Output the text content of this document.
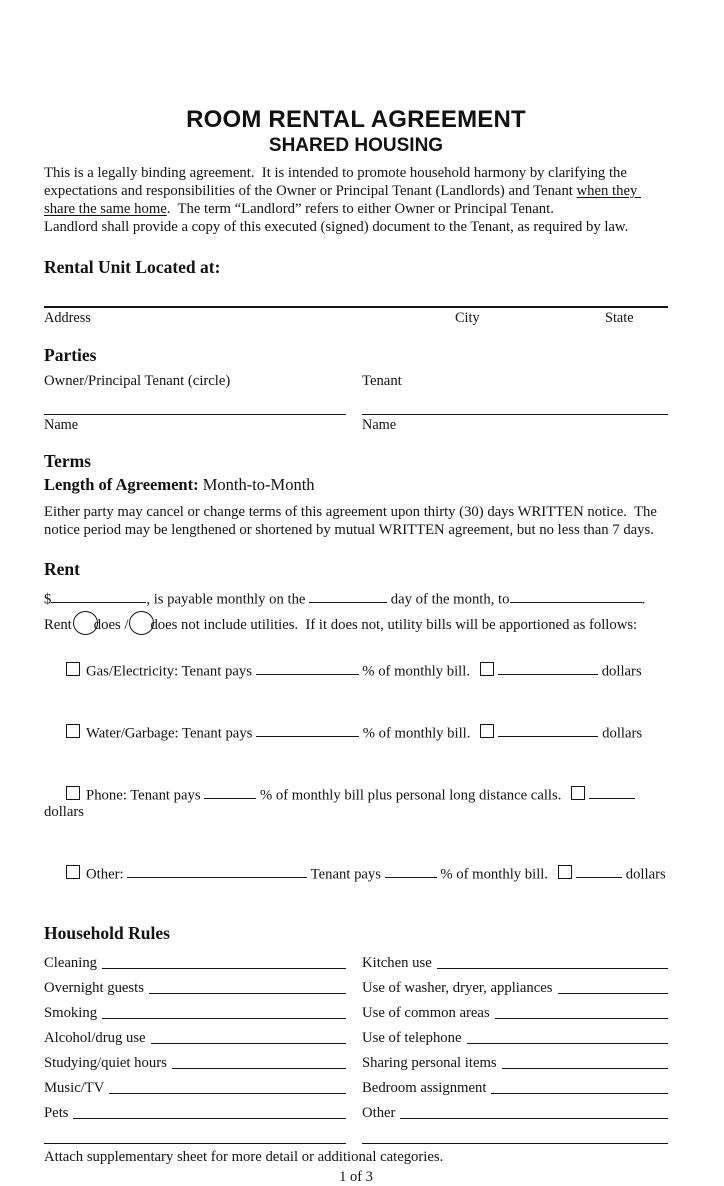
ROOM RENTAL AGREEMENT
SHARED HOUSING

This is a legally binding agreement.  It is intended to promote household harmony by clarifying the expectations and responsibilities of the Owner or Principal Tenant (Landlords) and Tenant when they share the same home.  The term “Landlord” refers to either Owner or Principal Tenant.

Landlord shall provide a copy of this executed (signed) document to the Tenant, as required by law.

Rental Unit Located at:
Address	City	State
Parties
Owner/Principal Tenant (circle)	Tenant
Name	Name
Terms
Length of Agreement: Month-to-Month

Either party may cancel or change terms of this agreement upon thirty (30) days WRITTEN notice.  The notice period may be lengthened or shortened by mutual WRITTEN agreement, but no less than 7 days.

Rent
$	, is payable monthly on the	day of the month, to	.
Rent does / does not include utilities.  If it does not, utility bills will be apportioned as follows:

Gas/Electricity: Tenant pays	% of monthly bill.	dollars

Water/Garbage: Tenant pays	% of monthly bill.	dollars

Phone: Tenant pays	% of monthly bill plus personal long distance calls.	dollars

Other:	Tenant pays	% of monthly bill.	dollars

Household Rules
Cleaning	Kitchen use
Overnight guests	Use of washer, dryer, appliances
Smoking	Use of common areas
Alcohol/drug use	Use of telephone
Studying/quiet hours	Sharing personal items
Music/TV	Bedroom assignment
Pets	Other

Attach supplementary sheet for more detail or additional categories.

1 of 3
